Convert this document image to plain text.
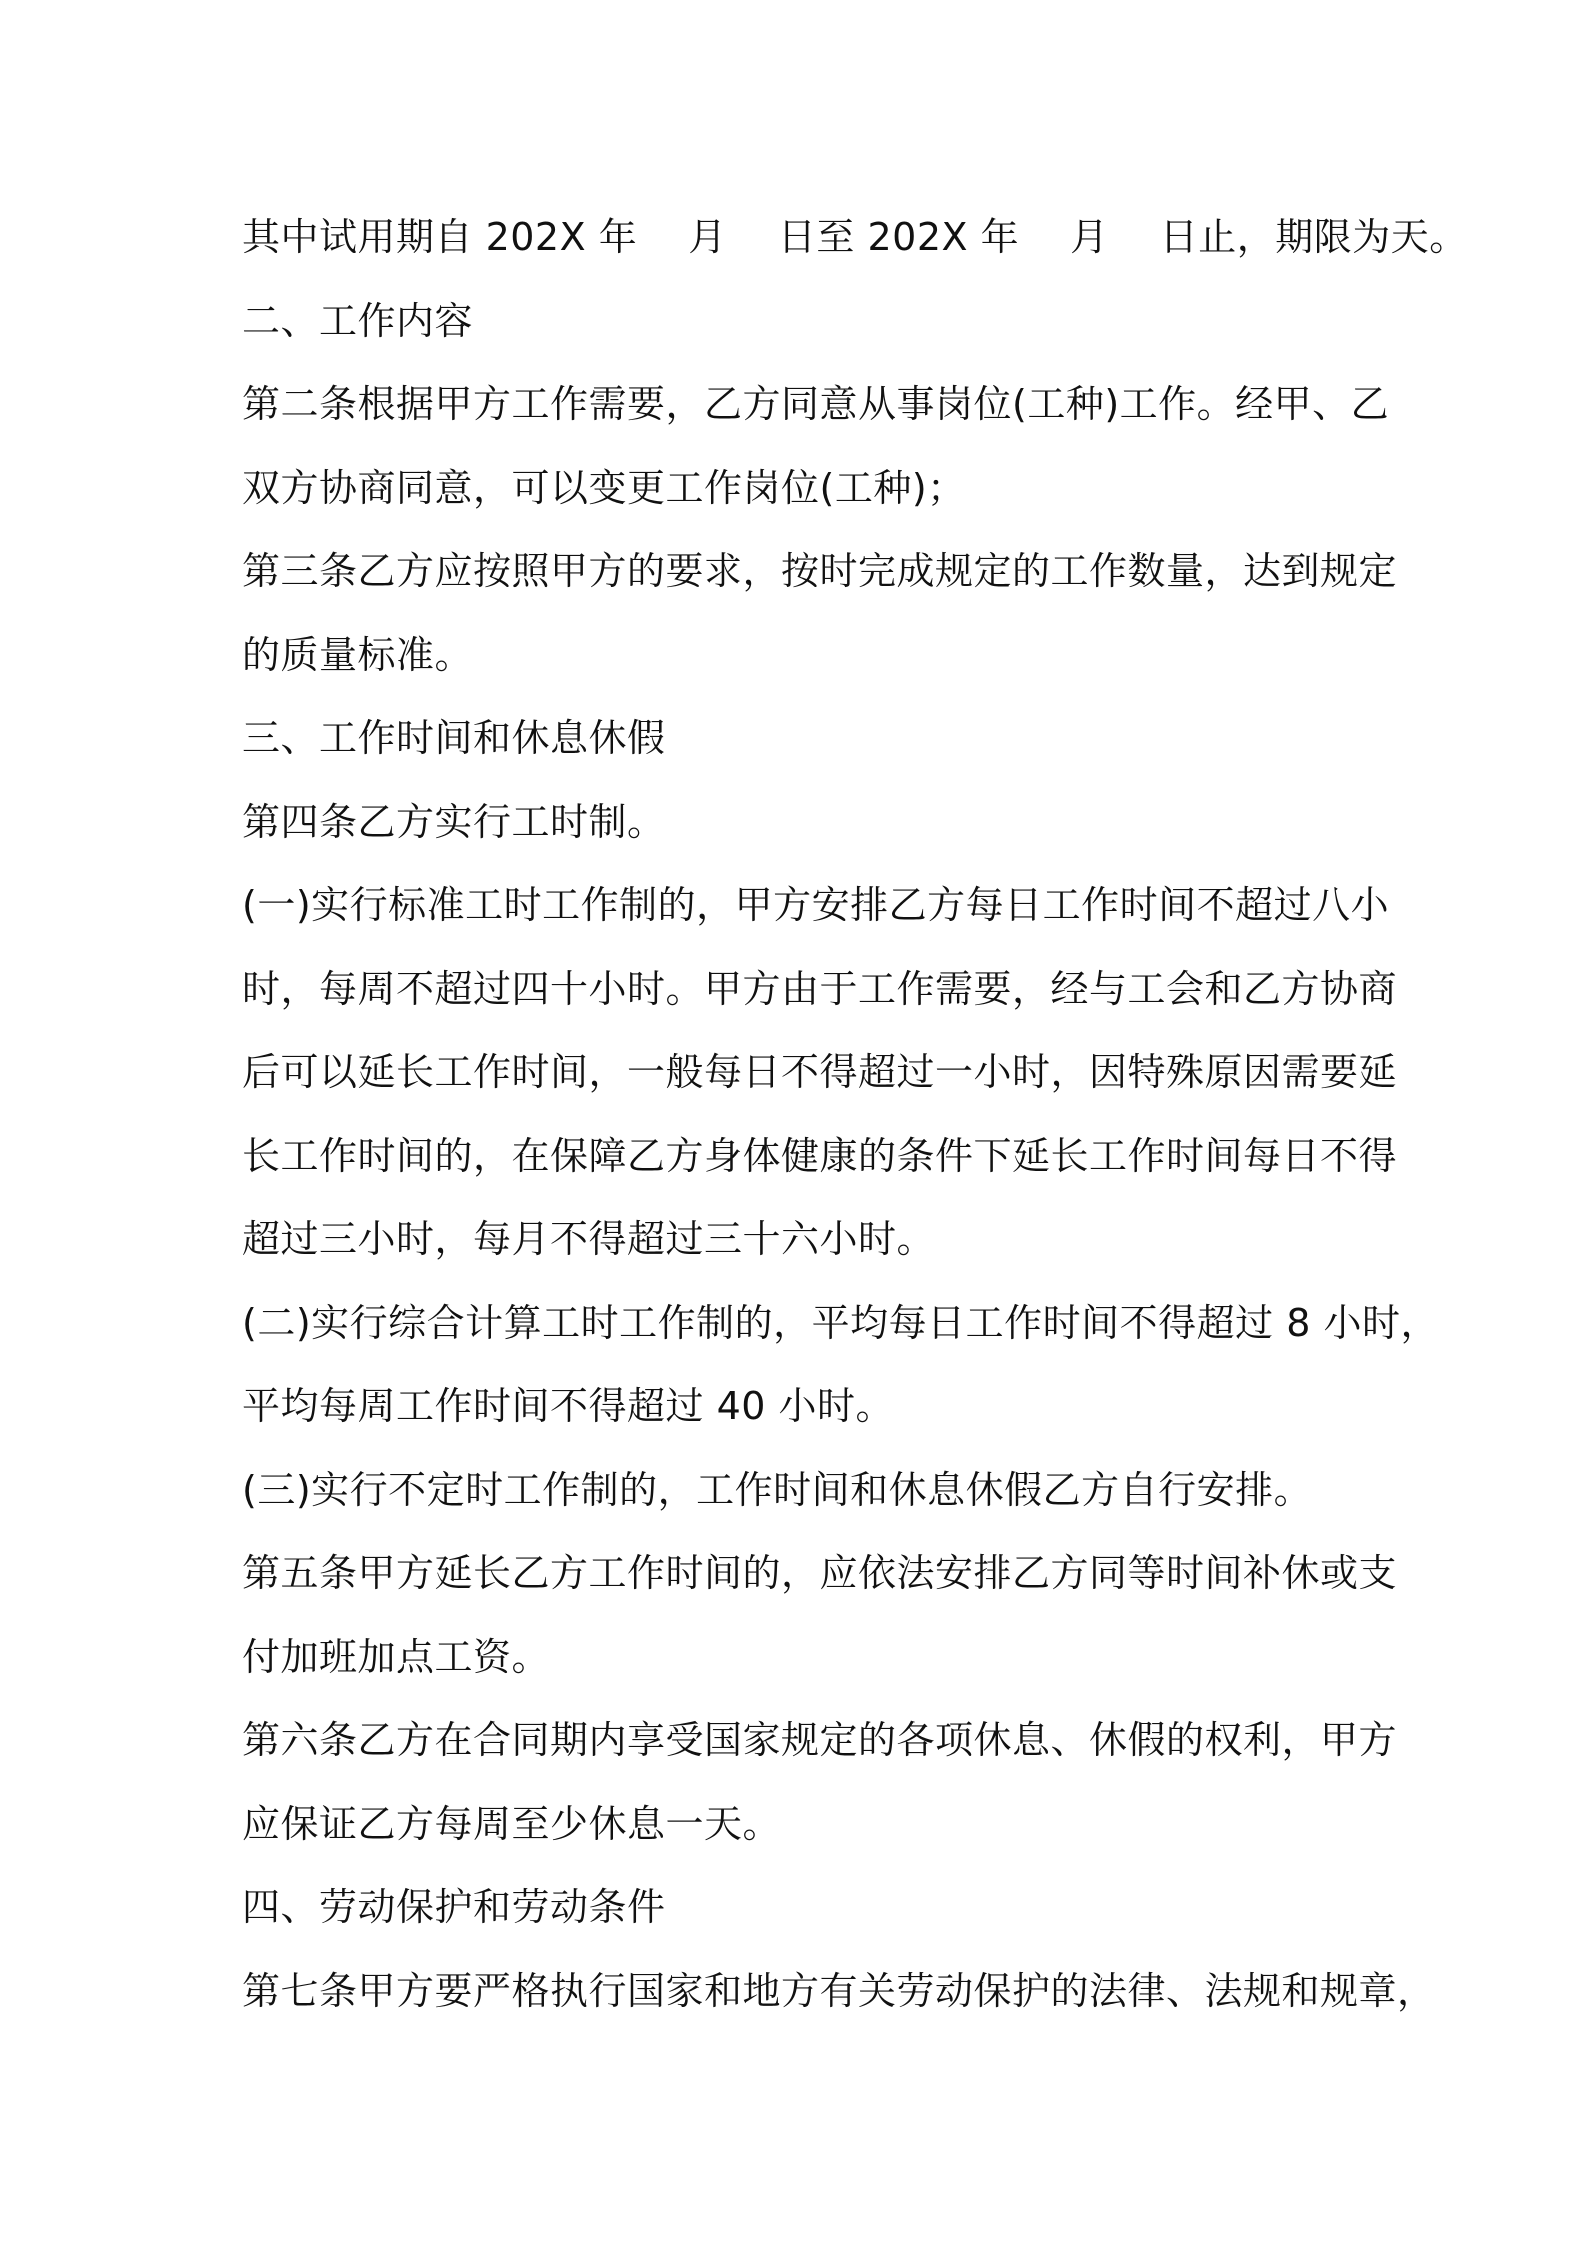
其中试用期自 202X 年　 月　 日至 202X 年　 月　 日止，期限为天。
二、工作内容
第二条根据甲方工作需要，乙方同意从事岗位(工种)工作。经甲、乙
双方协商同意，可以变更工作岗位(工种)；
第三条乙方应按照甲方的要求，按时完成规定的工作数量，达到规定
的质量标准。
三、工作时间和休息休假
第四条乙方实行工时制。
(一)实行标准工时工作制的，甲方安排乙方每日工作时间不超过八小
时，每周不超过四十小时。甲方由于工作需要，经与工会和乙方协商
后可以延长工作时间，一般每日不得超过一小时，因特殊原因需要延
长工作时间的，在保障乙方身体健康的条件下延长工作时间每日不得
超过三小时，每月不得超过三十六小时。
(二)实行综合计算工时工作制的，平均每日工作时间不得超过 8 小时，
平均每周工作时间不得超过 40 小时。
(三)实行不定时工作制的，工作时间和休息休假乙方自行安排。
第五条甲方延长乙方工作时间的，应依法安排乙方同等时间补休或支
付加班加点工资。
第六条乙方在合同期内享受国家规定的各项休息、休假的权利，甲方
应保证乙方每周至少休息一天。
四、劳动保护和劳动条件
第七条甲方要严格执行国家和地方有关劳动保护的法律、法规和规章，
